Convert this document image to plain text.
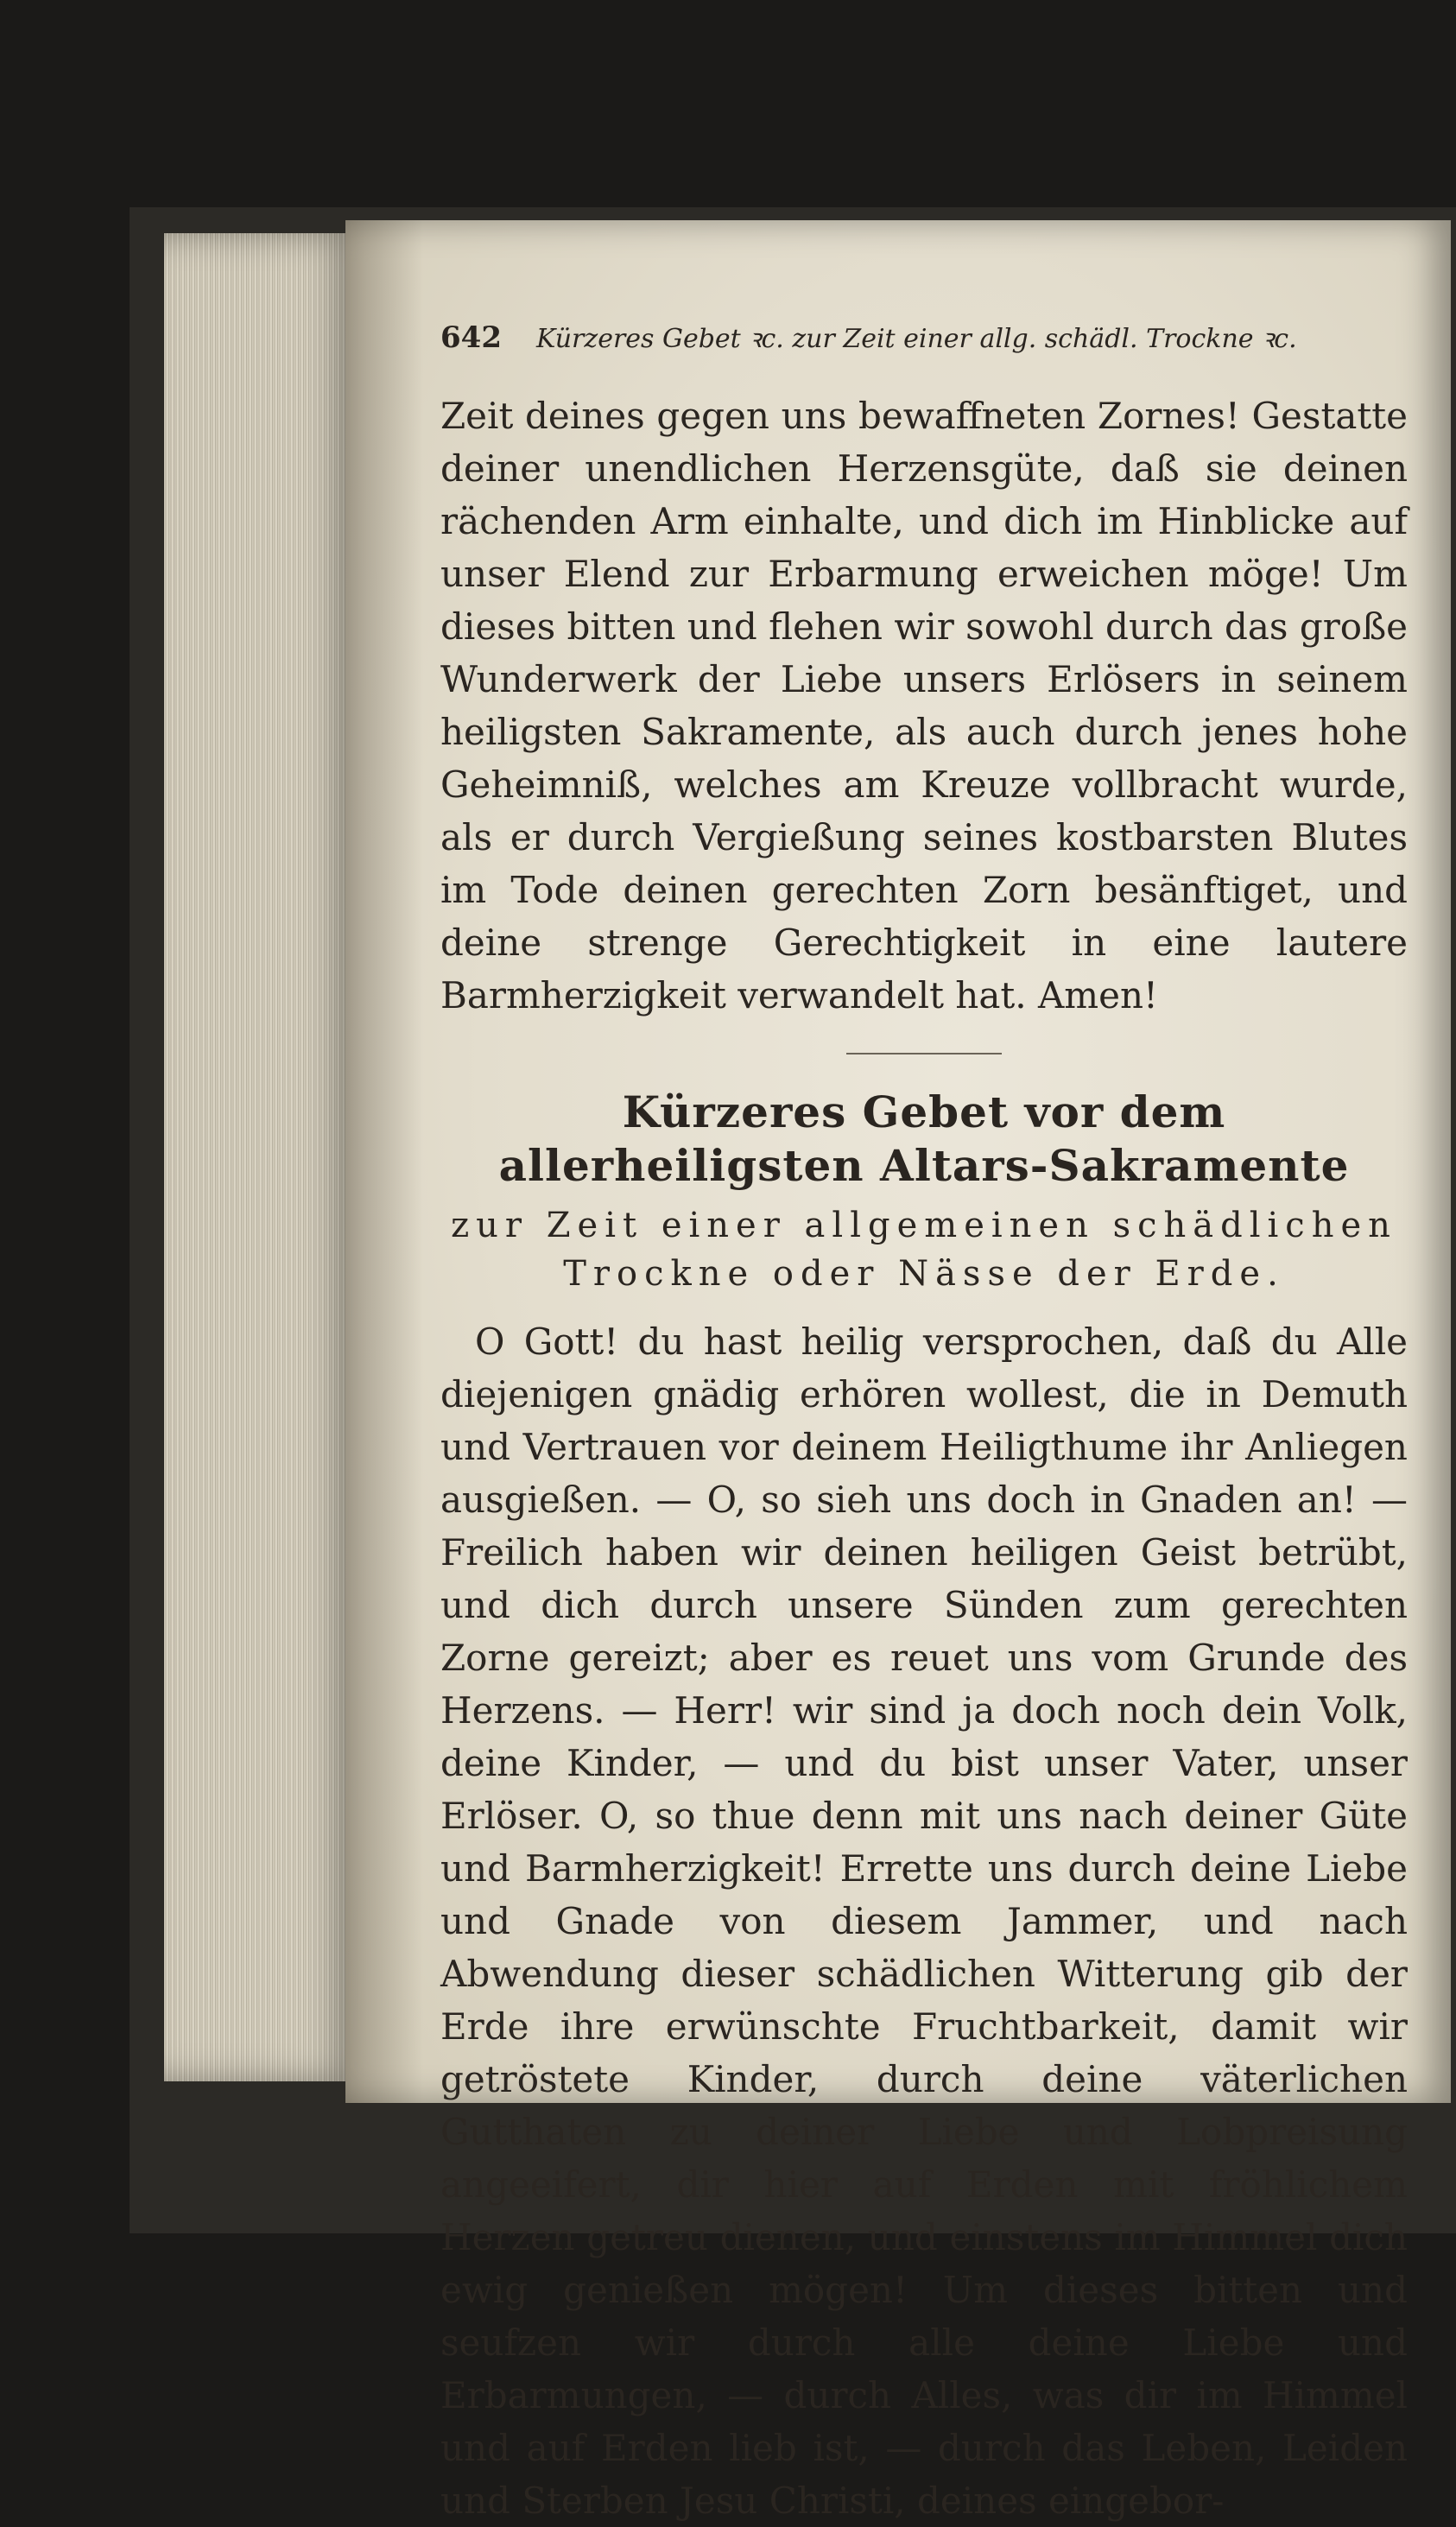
642 Kürzeres Gebet ꝛc. zur Zeit einer allg. schädl. Trockne ꝛc.

Zeit deines gegen uns bewaffneten Zornes! Gestatte deiner unendlichen Herzensgüte, daß sie deinen rächenden Arm einhalte, und dich im Hinblicke auf unser Elend zur Erbarmung erweichen möge! Um dieses bitten und flehen wir sowohl durch das große Wunderwerk der Liebe unsers Erlösers in seinem heiligsten Sakramente, als auch durch jenes hohe Geheimniß, welches am Kreuze vollbracht wurde, als er durch Vergießung seines kostbarsten Blutes im Tode deinen gerechten Zorn besänftiget, und deine strenge Gerechtigkeit in eine lautere Barmherzigkeit verwandelt hat. Amen!

Kürzeres Gebet vor dem allerheiligsten Altars-Sakramente
zur Zeit einer allgemeinen schädlichen Trockne oder Nässe der Erde.

O Gott! du hast heilig versprochen, daß du Alle diejenigen gnädig erhören wollest, die in Demuth und Vertrauen vor deinem Heiligthume ihr Anliegen ausgießen. — O, so sieh uns doch in Gnaden an! — Freilich haben wir deinen heiligen Geist betrübt, und dich durch unsere Sünden zum gerechten Zorne gereizt; aber es reuet uns vom Grunde des Herzens. — Herr! wir sind ja doch noch dein Volk, deine Kinder, — und du bist unser Vater, unser Erlöser. O, so thue denn mit uns nach deiner Güte und Barmherzigkeit! Errette uns durch deine Liebe und Gnade von diesem Jammer, und nach Abwendung dieser schädlichen Witterung gib der Erde ihre erwünschte Fruchtbarkeit, damit wir getröstete Kinder, durch deine väterlichen Gutthaten zu deiner Liebe und Lobpreisung angeeifert, dir hier auf Erden mit fröhlichem Herzen getreu dienen, und einstens im Himmel dich ewig genießen mögen! Um dieses bitten und seufzen wir durch alle deine Liebe und Erbarmungen, — durch Alles, was dir im Himmel und auf Erden lieb ist, — durch das Leben, Leiden und Sterben Jesu Christi, deines eingebor-
